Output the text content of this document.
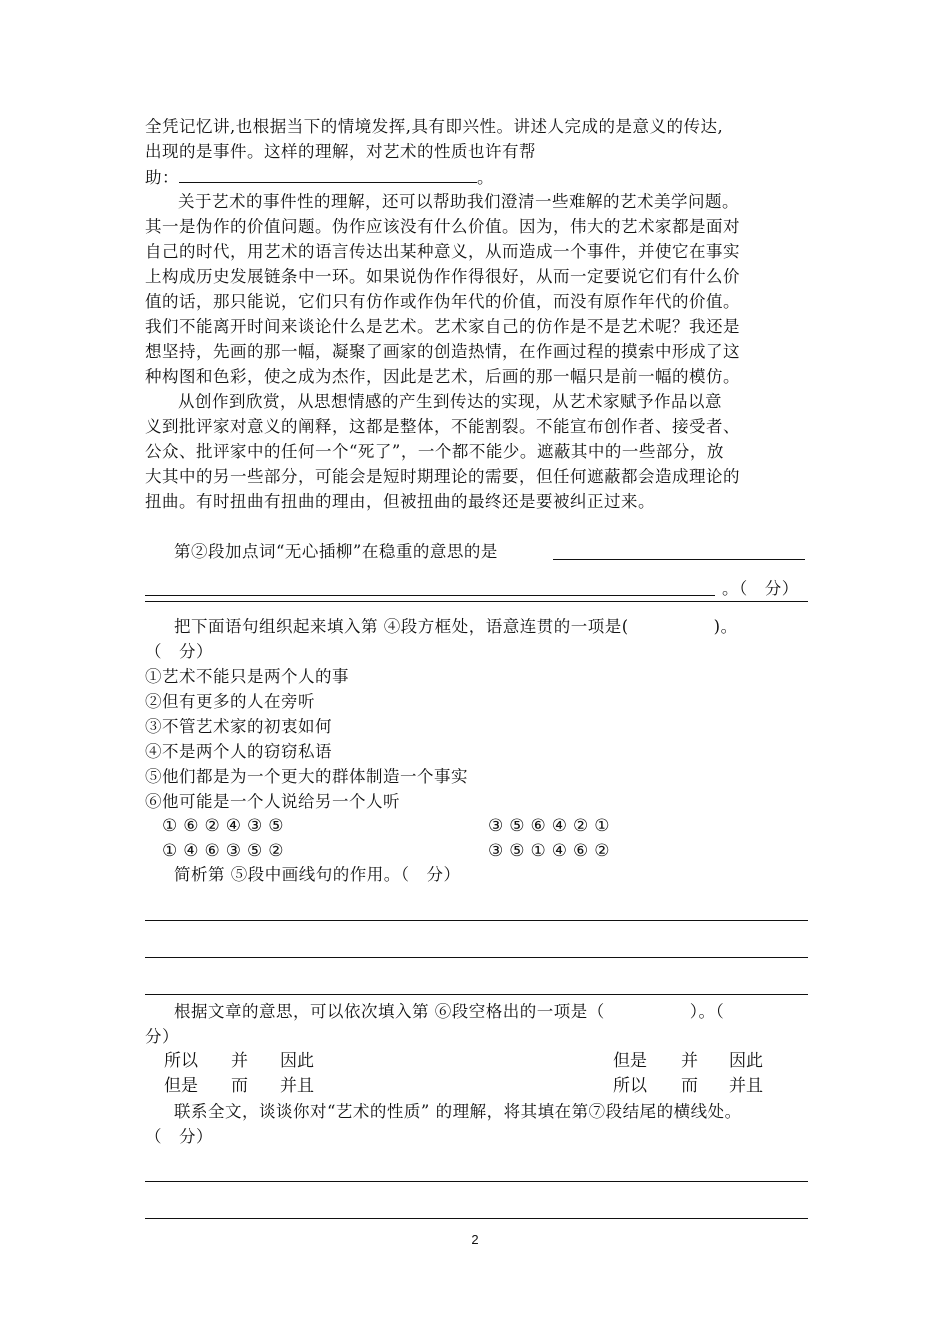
全凭记忆讲,也根据当下的情境发挥,具有即兴性。讲述人完成的是意义的传达,
出现的是事件。这样的理解，对艺术的性质也许有帮
助：	。
关于艺术的事件性的理解，还可以帮助我们澄清一些难解的艺术美学问题。
其一是伪作的价值问题。伪作应该没有什么价值。因为，伟大的艺术家都是面对
自己的时代，用艺术的语言传达出某种意义，从而造成一个事件，并使它在事实
上构成历史发展链条中一环。如果说伪作作得很好，从而一定要说它们有什么价
值的话，那只能说，它们只有仿作或作伪年代的价值，而没有原作年代的价值。
我们不能离开时间来谈论什么是艺术。艺术家自己的仿作是不是艺术呢？我还是
想坚持，先画的那一幅，凝聚了画家的创造热情，在作画过程的摸索中形成了这
种构图和色彩，使之成为杰作，因此是艺术，后画的那一幅只是前一幅的模仿。
从创作到欣赏，从思想情感的产生到传达的实现，从艺术家赋予作品以意
义到批评家对意义的阐释，这都是整体，不能割裂。不能宣布创作者、接受者、
公众、批评家中的任何一个“死了”，一个都不能少。遮蔽其中的一些部分，放
大其中的另一些部分，可能会是短时期理论的需要，但任何遮蔽都会造成理论的
扭曲。有时扭曲有扭曲的理由，但被扭曲的最终还是要被纠正过来。
第②段加点词“无心插柳”在稳重的意思的是
。（　分）
把下面语句组织起来填入第 ④段方框处，语意连贯的一项是(　　　　　)。
（　分）
①艺术不能只是两个人的事
②但有更多的人在旁听
③不管艺术家的初衷如何
④不是两个人的窃窃私语
⑤他们都是为一个更大的群体制造一个事实
⑥他可能是一个人说给另一个人听
①⑥②④③⑤	③⑤⑥④②①
①④⑥③⑤②	③⑤①④⑥②
简析第 ⑤段中画线句的作用。（　分）
根据文章的意思，可以依次填入第 ⑥段空格出的一项是（　　　　　）。（
分）
所以 并 因此	但是 并 因此
但是 而 并且	所以 而 并且
联系全文，谈谈你对“艺术的性质” 的理解，将其填在第⑦段结尾的横线处。
（　分）
2
